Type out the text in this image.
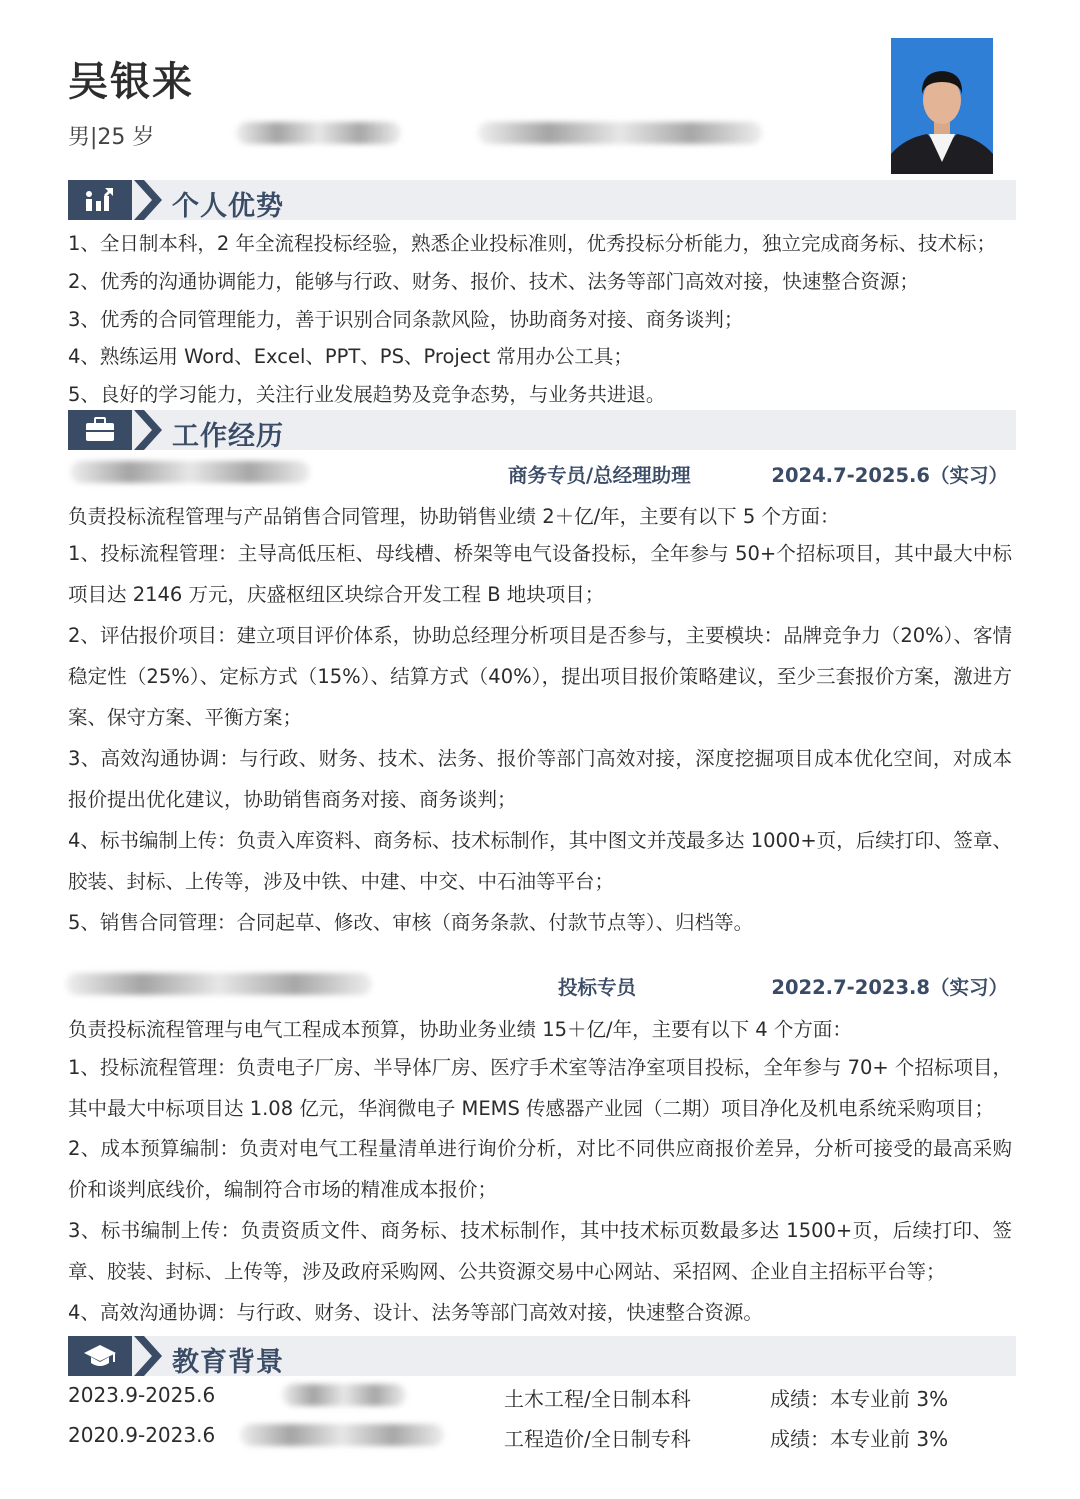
吴银来
男|25 岁
个人优势
1、全日制本科，2 年全流程投标经验，熟悉企业投标准则，优秀投标分析能力，独立完成商务标、技术标；
2、优秀的沟通协调能力，能够与行政、财务、报价、技术、法务等部门高效对接，快速整合资源；
3、优秀的合同管理能力，善于识别合同条款风险，协助商务对接、商务谈判；
4、熟练运用 Word、Excel、PPT、PS、Project 常用办公工具；
5、良好的学习能力，关注行业发展趋势及竞争态势，与业务共进退。
工作经历
商务专员/总经理助理	2024.7-2025.6（实习）
负责投标流程管理与产品销售合同管理，协助销售业绩 2＋亿/年，主要有以下 5 个方面：
1、投标流程管理：主导高低压柜、母线槽、桥架等电气设备投标，全年参与 50+个招标项目，其中最大中标项目达 2146 万元，庆盛枢纽区块综合开发工程 B 地块项目；
2、评估报价项目：建立项目评价体系，协助总经理分析项目是否参与，主要模块：品牌竞争力（20%）、客情稳定性（25%）、定标方式（15%）、结算方式（40%），提出项目报价策略建议，至少三套报价方案，激进方案、保守方案、平衡方案；
3、高效沟通协调：与行政、财务、技术、法务、报价等部门高效对接，深度挖掘项目成本优化空间，对成本报价提出优化建议，协助销售商务对接、商务谈判；
4、标书编制上传：负责入库资料、商务标、技术标制作，其中图文并茂最多达 1000+页，后续打印、签章、胶装、封标、上传等，涉及中铁、中建、中交、中石油等平台；
5、销售合同管理：合同起草、修改、审核（商务条款、付款节点等）、归档等。
投标专员	2022.7-2023.8（实习）
负责投标流程管理与电气工程成本预算，协助业务业绩 15＋亿/年，主要有以下 4 个方面：
1、投标流程管理：负责电子厂房、半导体厂房、医疗手术室等洁净室项目投标，全年参与 70+ 个招标项目，其中最大中标项目达 1.08 亿元，华润微电子 MEMS 传感器产业园（二期）项目净化及机电系统采购项目；
2、成本预算编制：负责对电气工程量清单进行询价分析，对比不同供应商报价差异，分析可接受的最高采购价和谈判底线价，编制符合市场的精准成本报价；
3、标书编制上传：负责资质文件、商务标、技术标制作，其中技术标页数最多达 1500+页，后续打印、签章、胶装、封标、上传等，涉及政府采购网、公共资源交易中心网站、采招网、企业自主招标平台等；
4、高效沟通协调：与行政、财务、设计、法务等部门高效对接，快速整合资源。
教育背景
2023.9-2025.6	土木工程/全日制本科	成绩：本专业前 3%
2020.9-2023.6	工程造价/全日制专科	成绩：本专业前 3%
